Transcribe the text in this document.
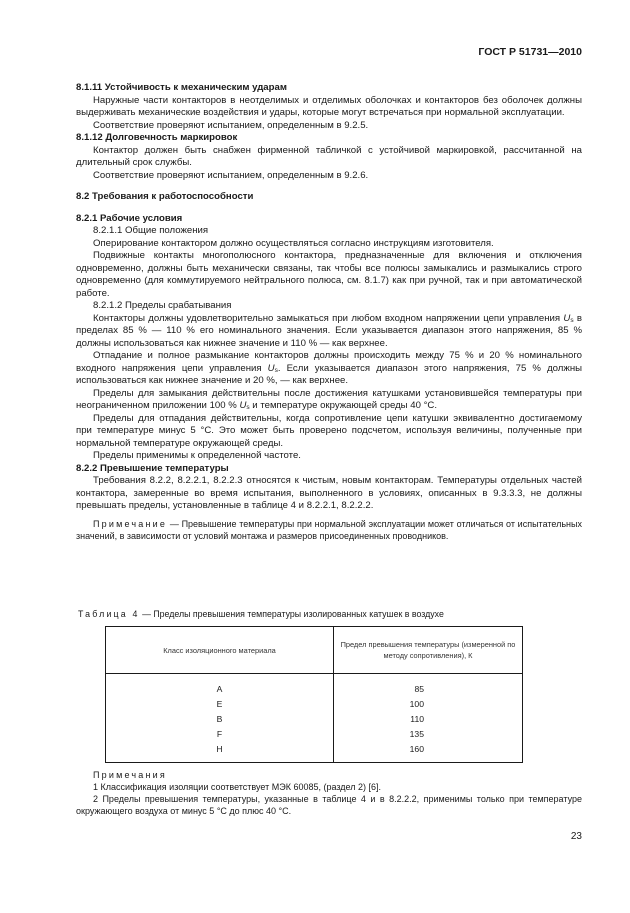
ГОСТ Р 51731—2010

8.1.11 Устойчивость к механическим ударам

Наружные части контакторов в неотделимых и отделимых оболочках и контакторов без оболочек должны выдерживать механические воздействия и удары, которые могут встречаться при нормальной эксплуатации.

Соответствие проверяют испытанием, определенным в 9.2.5.

8.1.12 Долговечность маркировок

Контактор должен быть снабжен фирменной табличкой с устойчивой маркировкой, рассчитанной на длительный срок службы.

Соответствие проверяют испытанием, определенным в 9.2.6.

8.2 Требования к работоспособности

8.2.1 Рабочие условия

8.2.1.1 Общие положения

Оперирование контактором должно осуществляться согласно инструкциям изготовителя.

Подвижные контакты многополюсного контактора, предназначенные для включения и отключения одновременно, должны быть механически связаны, так чтобы все полюсы замыкались и размыкались строго одновременно (для коммутируемого нейтрального полюса, см. 8.1.7) как при ручной, так и при автоматической работе.

8.2.1.2 Пределы срабатывания

Контакторы должны удовлетворительно замыкаться при любом входном напряжении цепи управления $U_s$ в пределах 85 % — 110 % его номинального значения. Если указывается диапазон этого напряжения, 85 % должны использоваться как нижнее значение и 110 % — как верхнее.

Отпадание и полное размыкание контакторов должны происходить между 75 % и 20 % номинального входного напряжения цепи управления $U_s$. Если указывается диапазон этого напряжения, 75 % должны использоваться как нижнее значение и 20 %, — как верхнее.

Пределы для замыкания действительны после достижения катушками установившейся температуры при неограниченном приложении 100 % $U_s$ и температуре окружающей среды 40 °С.

Пределы для отпадания действительны, когда сопротивление цепи катушки эквивалентно достигаемому при температуре минус 5 °С. Это может быть проверено подсчетом, используя величины, полученные при нормальной температуре окружающей среды.

Пределы применимы к определенной частоте.

8.2.2 Превышение температуры

Требования 8.2.2, 8.2.2.1, 8.2.2.3 относятся к чистым, новым контакторам. Температуры отдельных частей контактора, замеренные во время испытания, выполненного в условиях, описанных в 9.3.3.3, не должны превышать пределы, установленные в таблице 4 и 8.2.2.1, 8.2.2.2.

Примечание — Превышение температуры при нормальной эксплуатации может отличаться от испытательных значений, в зависимости от условий монтажа и размеров присоединенных проводников.

Таблица 4 — Пределы превышения температуры изолированных катушек в воздухе
Класс изоляционного материала	Предел превышения температуры (измеренной по методу сопротивления), К
A	85
E	100
B	110
F	135
H	160

Примечания

1 Классификация изоляции соответствует МЭК 60085, (раздел 2) [6].

2 Пределы превышения температуры, указанные в таблице 4 и в 8.2.2.2, применимы только при температуре окружающего воздуха от минус 5 °С до плюс 40 °С.

23
